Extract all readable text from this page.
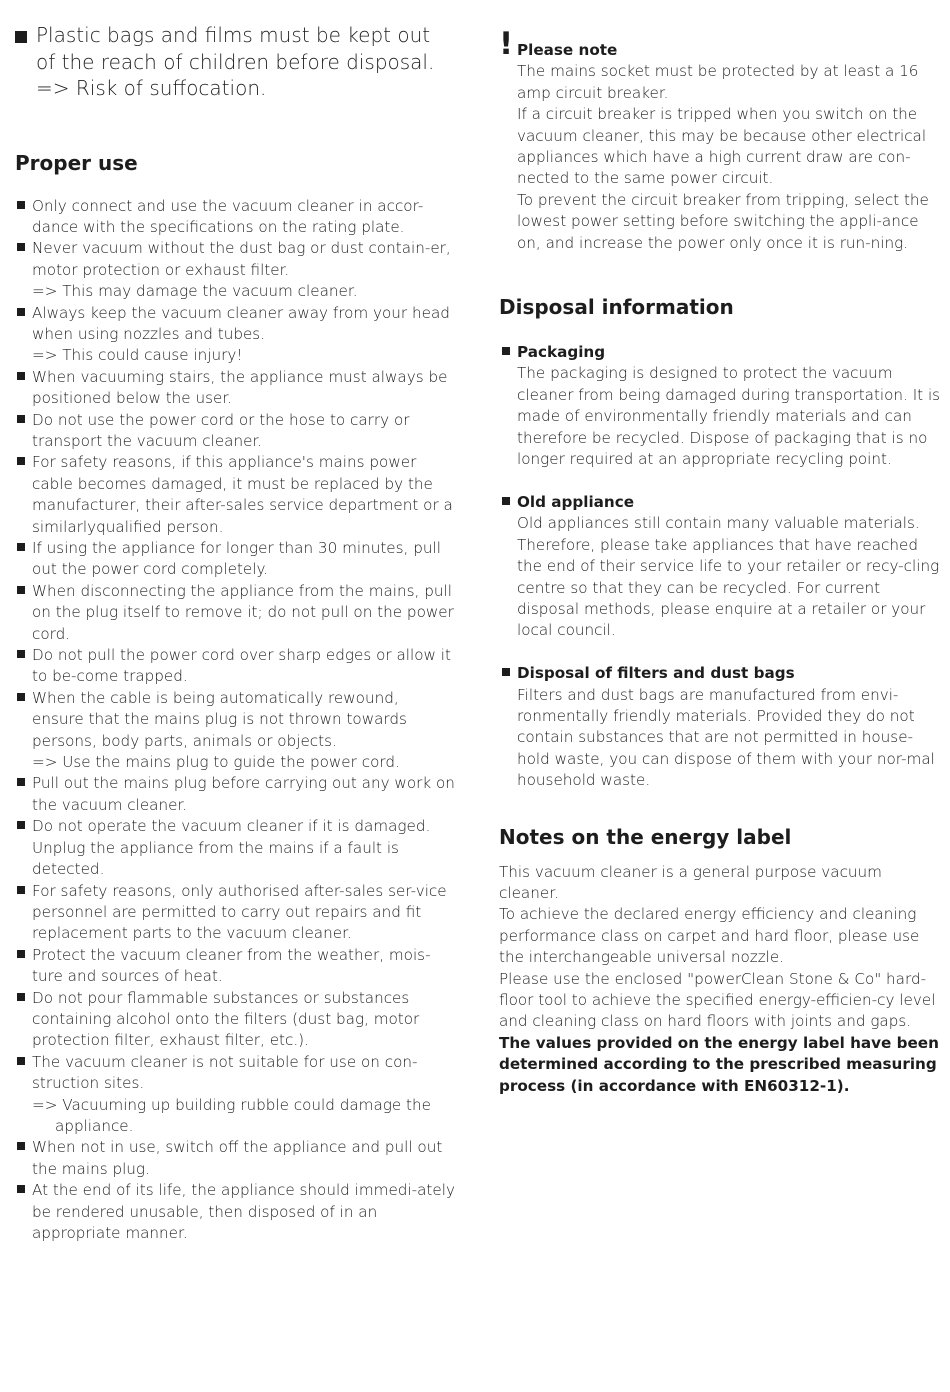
Plastic bags and films must be kept out of the reach of children before disposal.
=> Risk of suffocation.
Proper use
Only connect and use the vacuum cleaner in accor-dance with the specifications on the rating plate.
Never vacuum without the dust bag or dust contain-er, motor protection or exhaust filter.
=> This may damage the vacuum cleaner.
Always keep the vacuum cleaner away from your head when using nozzles and tubes.
=> This could cause injury!
When vacuuming stairs, the appliance must always be positioned below the user.
Do not use the power cord or the hose to carry or transport the vacuum cleaner.
For safety reasons, if this appliance's mains power cable becomes damaged, it must be replaced by the manufacturer, their after-sales service department or a similarlyqualified person.
If using the appliance for longer than 30 minutes, pull out the power cord completely.
When disconnecting the appliance from the mains, pull on the plug itself to remove it; do not pull on the power cord.
Do not pull the power cord over sharp edges or allow it to be-come trapped.
When the cable is being automatically rewound, ensure that the mains plug is not thrown towards persons, body parts, animals or objects.
=> Use the mains plug to guide the power cord.
Pull out the mains plug before carrying out any work on the vacuum cleaner.
Do not operate the vacuum cleaner if it is damaged. Unplug the appliance from the mains if a fault is detected.
For safety reasons, only authorised after-sales ser-vice personnel are permitted to carry out repairs and fit replacement parts to the vacuum cleaner.
Protect the vacuum cleaner from the weather, mois-ture and sources of heat.
Do not pour flammable substances or substances containing alcohol onto the filters (dust bag, motor protection filter, exhaust filter, etc.).
The vacuum cleaner is not suitable for use on con-struction sites.
=> Vacuuming up building rubble could damage the appliance.
When not in use, switch off the appliance and pull out the mains plug.
At the end of its life, the appliance should immedi-ately be rendered unusable, then disposed of in an appropriate manner.
! Please note
The mains socket must be protected by at least a 16 amp circuit breaker.
If a circuit breaker is tripped when you switch on the vacuum cleaner, this may be because other electrical appliances which have a high current draw are con-nected to the same power circuit.
To prevent the circuit breaker from tripping, select the lowest power setting before switching the appli-ance on, and increase the power only once it is run-ning.
Disposal information
Packaging
The packaging is designed to protect the vacuum cleaner from being damaged during transportation. It is made of environmentally friendly materials and can therefore be recycled. Dispose of packaging that is no longer required at an appropriate recycling point.
Old appliance
Old appliances still contain many valuable materials. Therefore, please take appliances that have reached the end of their service life to your retailer or recy-cling centre so that they can be recycled. For current disposal methods, please enquire at a retailer or your local council.
Disposal of filters and dust bags
Filters and dust bags are manufactured from envi-ronmentally friendly materials. Provided they do not contain substances that are not permitted in house-hold waste, you can dispose of them with your nor-mal household waste.
Notes on the energy label

This vacuum cleaner is a general purpose vacuum cleaner.

To achieve the declared energy efficiency and cleaning performance class on carpet and hard floor, please use the interchangeable universal nozzle.

Please use the enclosed "powerClean Stone & Co" hard-floor tool to achieve the specified energy-efficien-cy level and cleaning class on hard floors with joints and gaps.

The values provided on the energy label have been determined according to the prescribed measuring process (in accordance with EN60312-1).
